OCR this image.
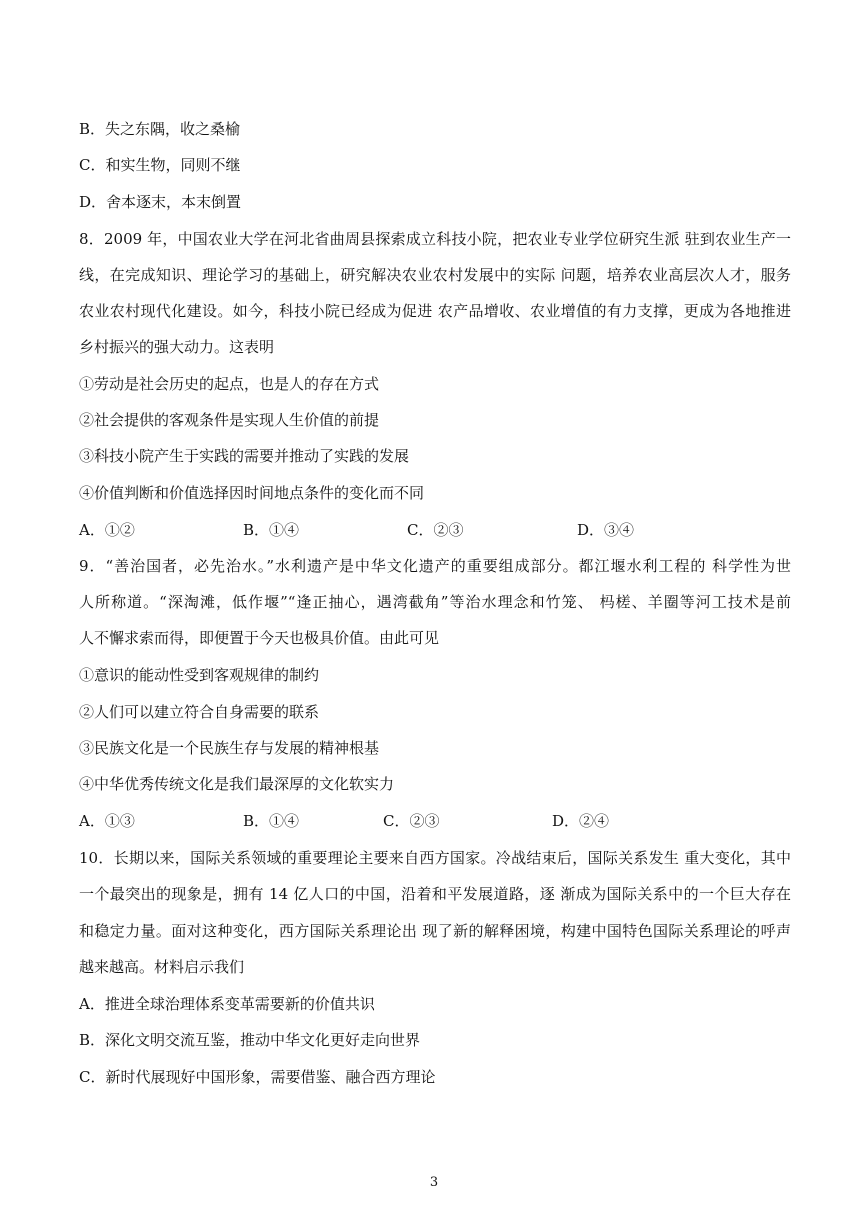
B．失之东隅，收之桑榆
C．和实生物，同则不继
D．舍本逐末，本末倒置
8．2009 年，中国农业大学在河北省曲周县探索成立科技小院，把农业专业学位研究生派 驻到农业生产一
线，在完成知识、理论学习的基础上，研究解决农业农村发展中的实际 问题，培养农业高层次人才，服务
农业农村现代化建设。如今，科技小院已经成为促进 农产品增收、农业增值的有力支撑，更成为各地推进
乡村振兴的强大动力。这表明
①劳动是社会历史的起点，也是人的存在方式
②社会提供的客观条件是实现人生价值的前提
③科技小院产生于实践的需要并推动了实践的发展
④价值判断和价值选择因时间地点条件的变化而不同
A．①②	B．①④	C．②③	D．③④
9．“善治国者，必先治水。”水利遗产是中华文化遗产的重要组成部分。都江堰水利工程的 科学性为世
人所称道。“深淘滩，低作堰”“逢正抽心，遇湾截角”等治水理念和竹笼、 杩槎、羊圈等河工技术是前
人不懈求索而得，即便置于今天也极具价值。由此可见
①意识的能动性受到客观规律的制约
②人们可以建立符合自身需要的联系
③民族文化是一个民族生存与发展的精神根基
④中华优秀传统文化是我们最深厚的文化软实力
A．①③	B．①④	C．②③	D．②④
10．长期以来，国际关系领域的重要理论主要来自西方国家。冷战结束后，国际关系发生 重大变化，其中
一个最突出的现象是，拥有 14 亿人口的中国，沿着和平发展道路，逐 渐成为国际关系中的一个巨大存在
和稳定力量。面对这种变化，西方国际关系理论出 现了新的解释困境，构建中国特色国际关系理论的呼声
越来越高。材料启示我们
A．推进全球治理体系变革需要新的价值共识
B．深化文明交流互鉴，推动中华文化更好走向世界
C．新时代展现好中国形象，需要借鉴、融合西方理论
3
